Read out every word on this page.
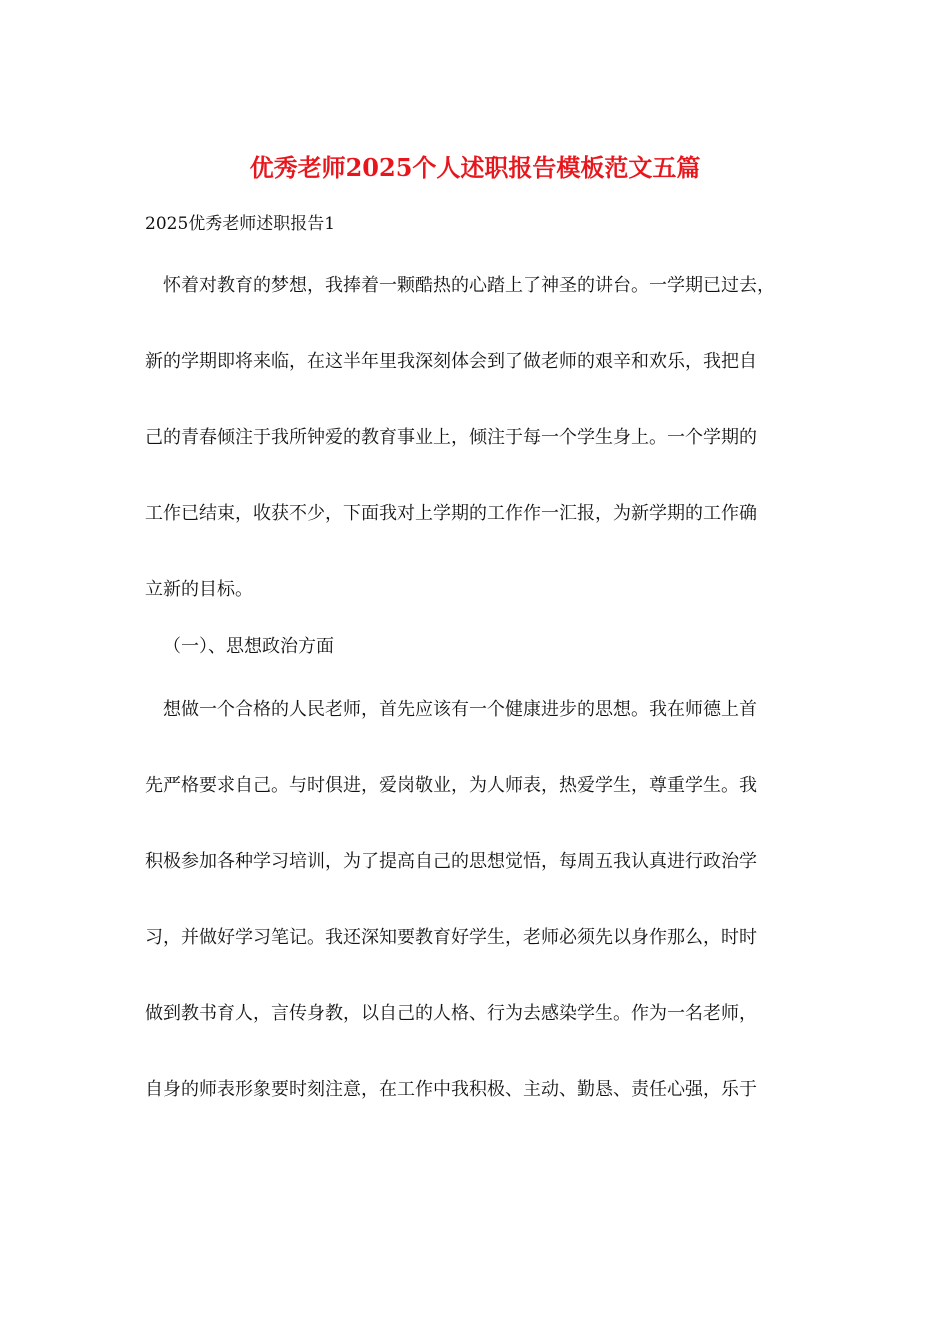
优秀老师2025个人述职报告模板范文五篇

2025优秀老师述职报告1

怀着对教育的梦想，我捧着一颗酷热的心踏上了神圣的讲台。一学期已过去，
新的学期即将来临，在这半年里我深刻体会到了做老师的艰辛和欢乐，我把自
己的青春倾注于我所钟爱的教育事业上，倾注于每一个学生身上。一个学期的
工作已结束，收获不少，下面我对上学期的工作作一汇报，为新学期的工作确
立新的目标。

（一）、思想政治方面

想做一个合格的人民老师，首先应该有一个健康进步的思想。我在师德上首
先严格要求自己。与时俱进，爱岗敬业，为人师表，热爱学生，尊重学生。我
积极参加各种学习培训，为了提高自己的思想觉悟，每周五我认真进行政治学
习，并做好学习笔记。我还深知要教育好学生，老师必须先以身作那么，时时
做到教书育人，言传身教，以自己的人格、行为去感染学生。作为一名老师，
自身的师表形象要时刻注意，在工作中我积极、主动、勤恳、责任心强，乐于
